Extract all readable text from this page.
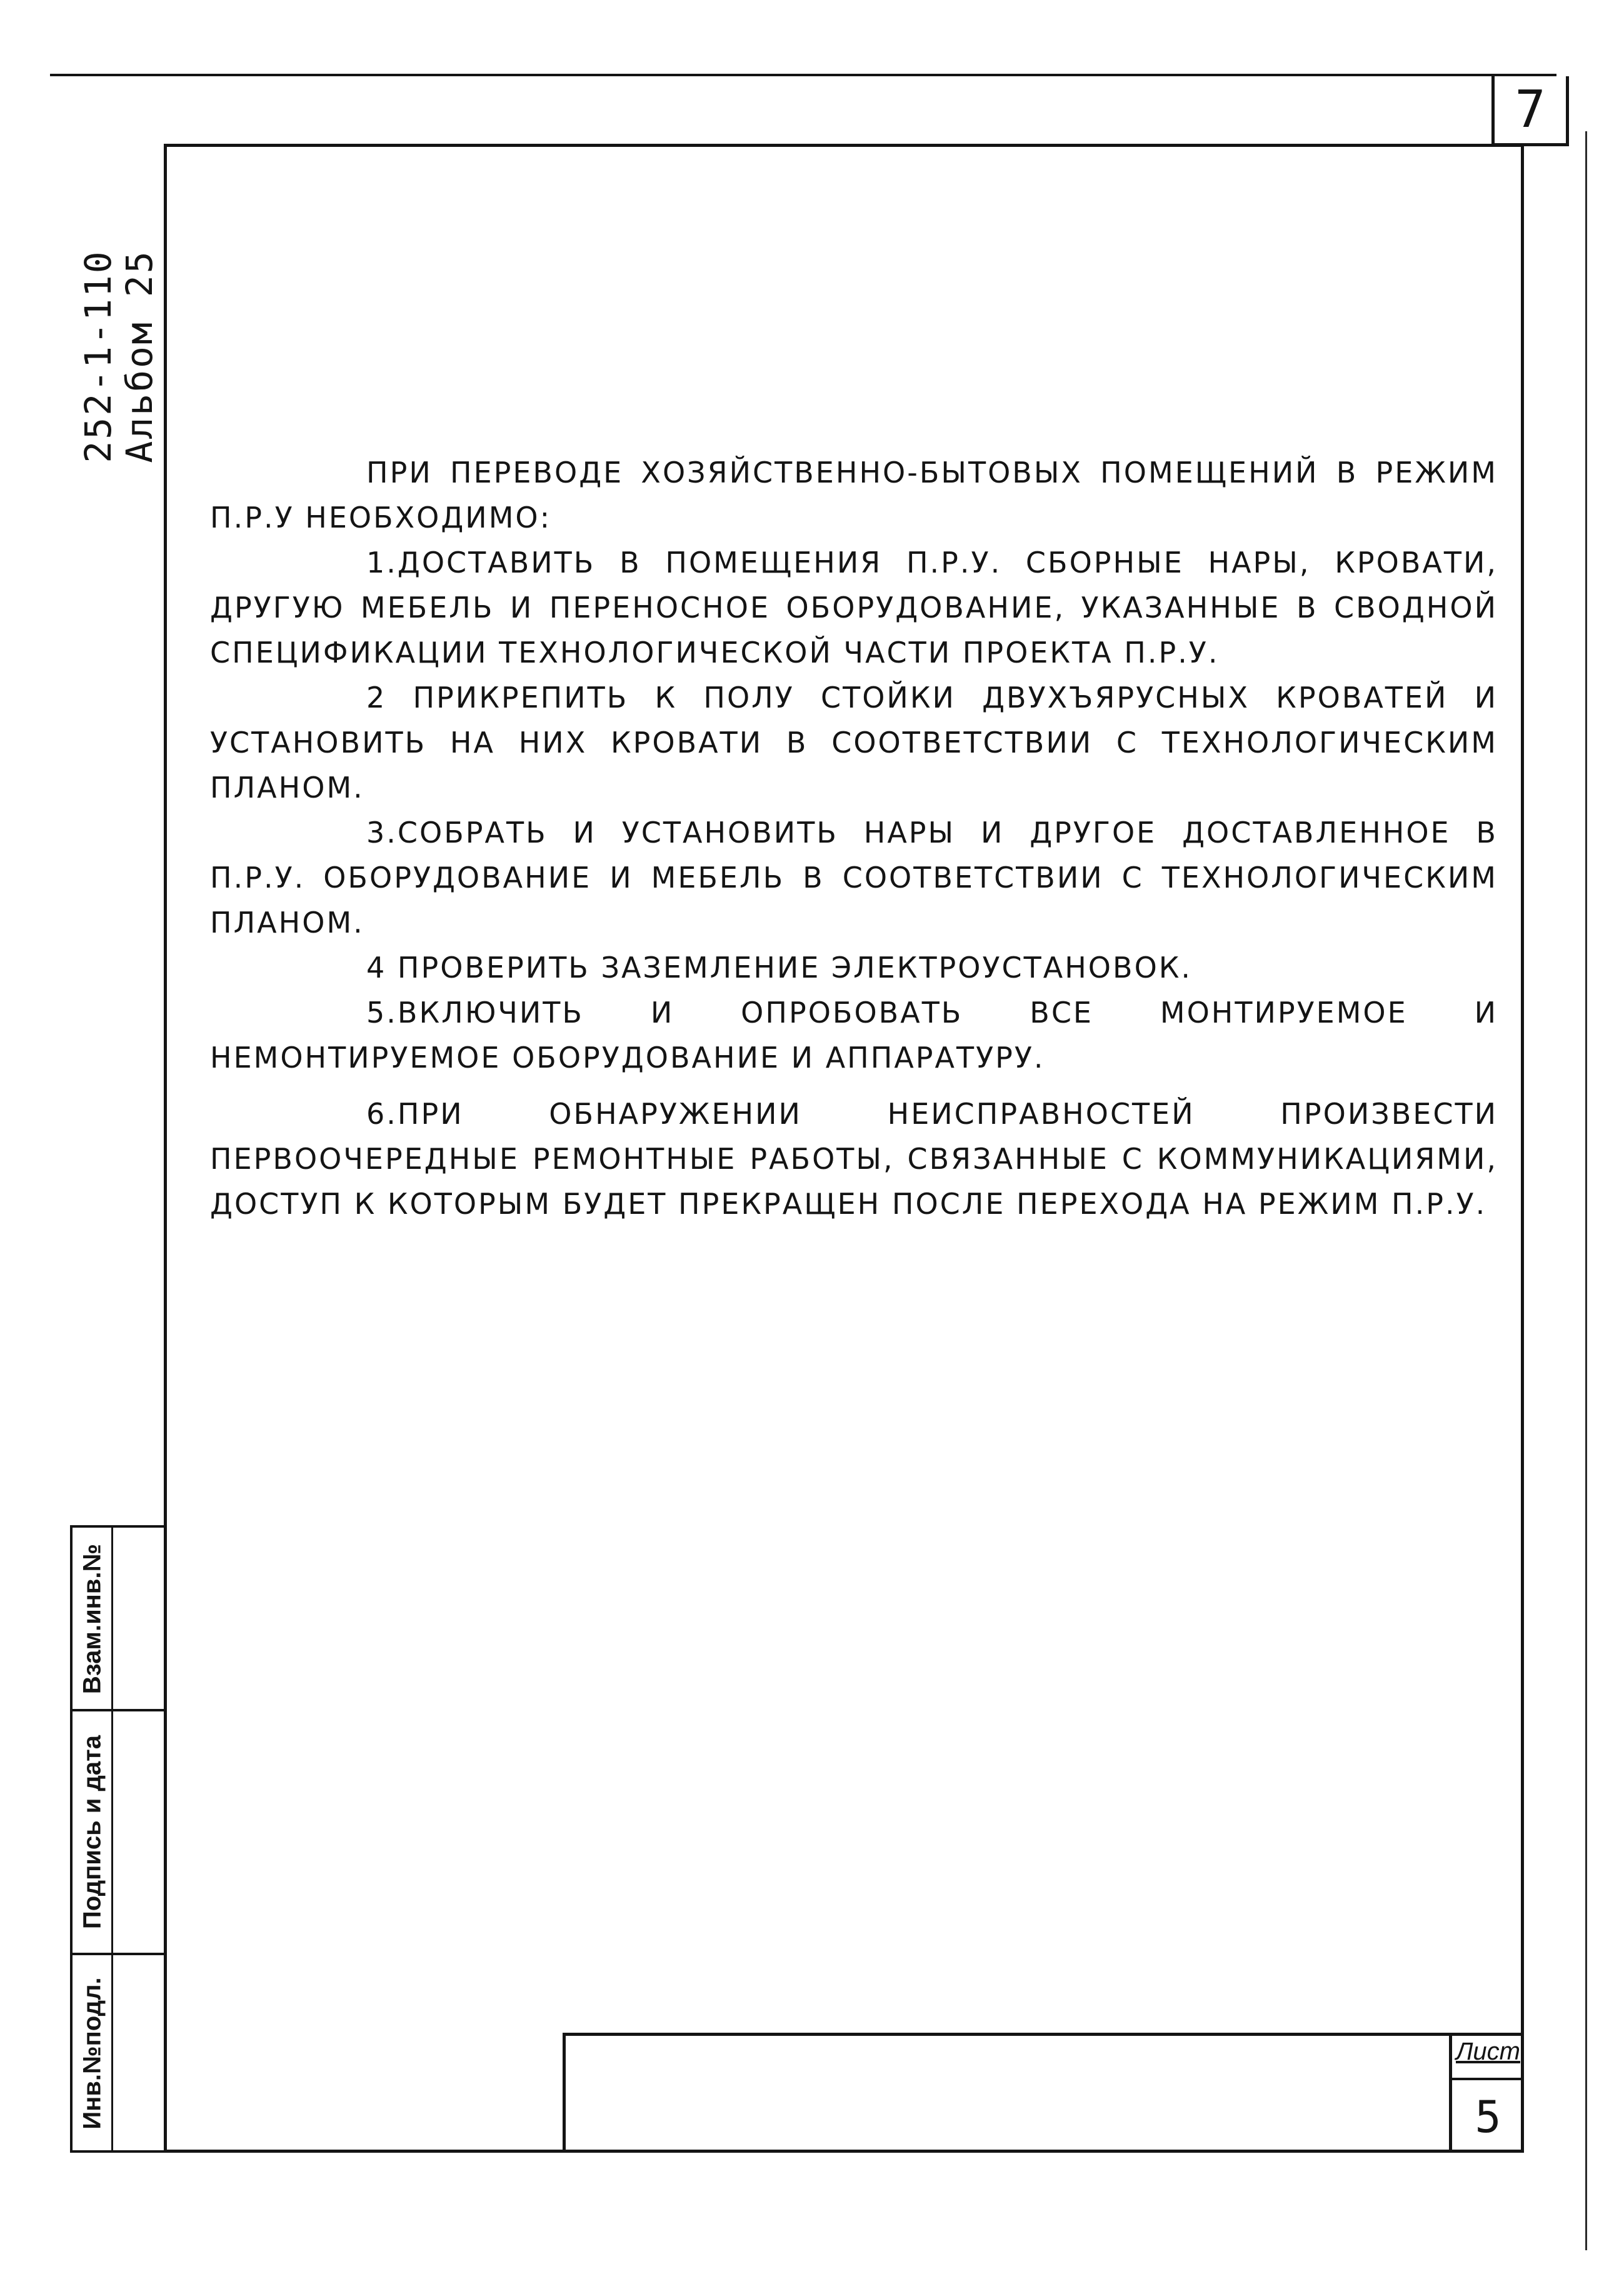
7
252-1-110
Альбом 25
Взам.инв.№
Подпись и дата
Инв.№подл.

ПРИ ПЕРЕВОДЕ ХОЗЯЙСТВЕННО-БЫТОВЫХ ПОМЕЩЕНИЙ В РЕЖИМ П.Р.У НЕОБХОДИМО:

1.ДОСТАВИТЬ В ПОМЕЩЕНИЯ П.Р.У. СБОРНЫЕ НАРЫ, КРОВАТИ, ДРУГУЮ МЕБЕЛЬ И ПЕРЕНОСНОЕ ОБОРУДОВАНИЕ, УКАЗАННЫЕ В СВОДНОЙ СПЕЦИФИКАЦИИ ТЕХНОЛОГИЧЕСКОЙ ЧАСТИ ПРОЕКТА П.Р.У.

2 ПРИКРЕПИТЬ К ПОЛУ СТОЙКИ ДВУХЪЯРУСНЫХ КРОВАТЕЙ И УСТАНОВИТЬ НА НИХ КРОВАТИ В СООТВЕТСТВИИ С ТЕХНОЛОГИЧЕСКИМ ПЛАНОМ.

3.СОБРАТЬ И УСТАНОВИТЬ НАРЫ И ДРУГОЕ ДОСТАВЛЕННОЕ В П.Р.У. ОБОРУДОВАНИЕ И МЕБЕЛЬ В СООТВЕТСТВИИ С ТЕХНОЛОГИЧЕСКИМ ПЛАНОМ.

4 ПРОВЕРИТЬ ЗАЗЕМЛЕНИЕ ЭЛЕКТРОУСТАНОВОК.

5.ВКЛЮЧИТЬ И ОПРОБОВАТЬ ВСЕ МОНТИРУЕМОЕ И НЕМОНТИРУЕМОЕ ОБОРУДОВАНИЕ И АППАРАТУРУ.

6.ПРИ ОБНАРУЖЕНИИ НЕИСПРАВНОСТЕЙ ПРОИЗВЕСТИ ПЕРВООЧЕРЕДНЫЕ РЕМОНТНЫЕ РАБОТЫ, СВЯЗАННЫЕ С КОММУНИКАЦИЯМИ, ДОСТУП К КОТОРЫМ БУДЕТ ПРЕКРАЩЕН ПОСЛЕ ПЕРЕХОДА НА РЕЖИМ П.Р.У.

Лист
5
